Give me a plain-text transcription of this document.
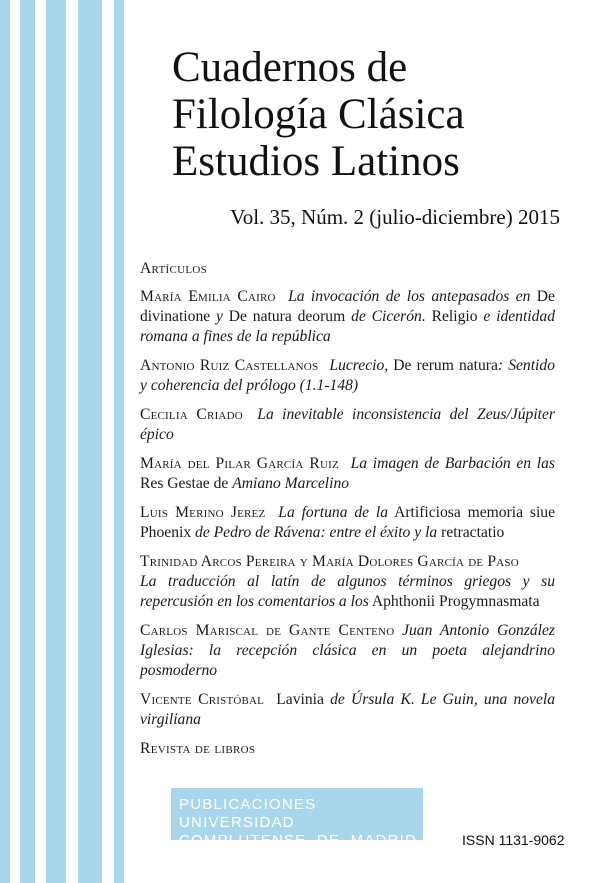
Cuadernos de
Filología Clásica
Estudios Latinos
Vol. 35, Núm. 2 (julio-diciembre) 2015
Artículos
María Emilia Cairo La invocación de los antepasados en De divinatione y De natura deorum de Cicerón. Religio e identidad romana a fines de la república
Antonio Ruiz Castellanos Lucrecio, De rerum natura: Sentido y coherencia del prólogo (1.1-148)
Cecilia Criado La inevitable inconsistencia del Zeus/Júpiter épico
María del Pilar García Ruiz La imagen de Barbación en las Res Gestae de Amiano Marcelino
Luis Merino Jerez La fortuna de la Artificiosa memoria siue Phoenix de Pedro de Rávena: entre el éxito y la retractatio
Trinidad Arcos Pereira y María Dolores García de Paso
La traducción al latín de algunos términos griegos y su repercusión en los comentarios a los Aphthonii Progymnasmata
Carlos Mariscal de Gante Centeno Juan Antonio González Iglesias: la recepción clásica en un poeta alejandrino posmoderno
Vicente Cristóbal Lavinia de Úrsula K. Le Guin, una novela virgiliana
Revista de libros
PUBLICACIONES UNIVERSIDAD
COMPLUTENSE DE MADRID	ISSN 1131-9062
